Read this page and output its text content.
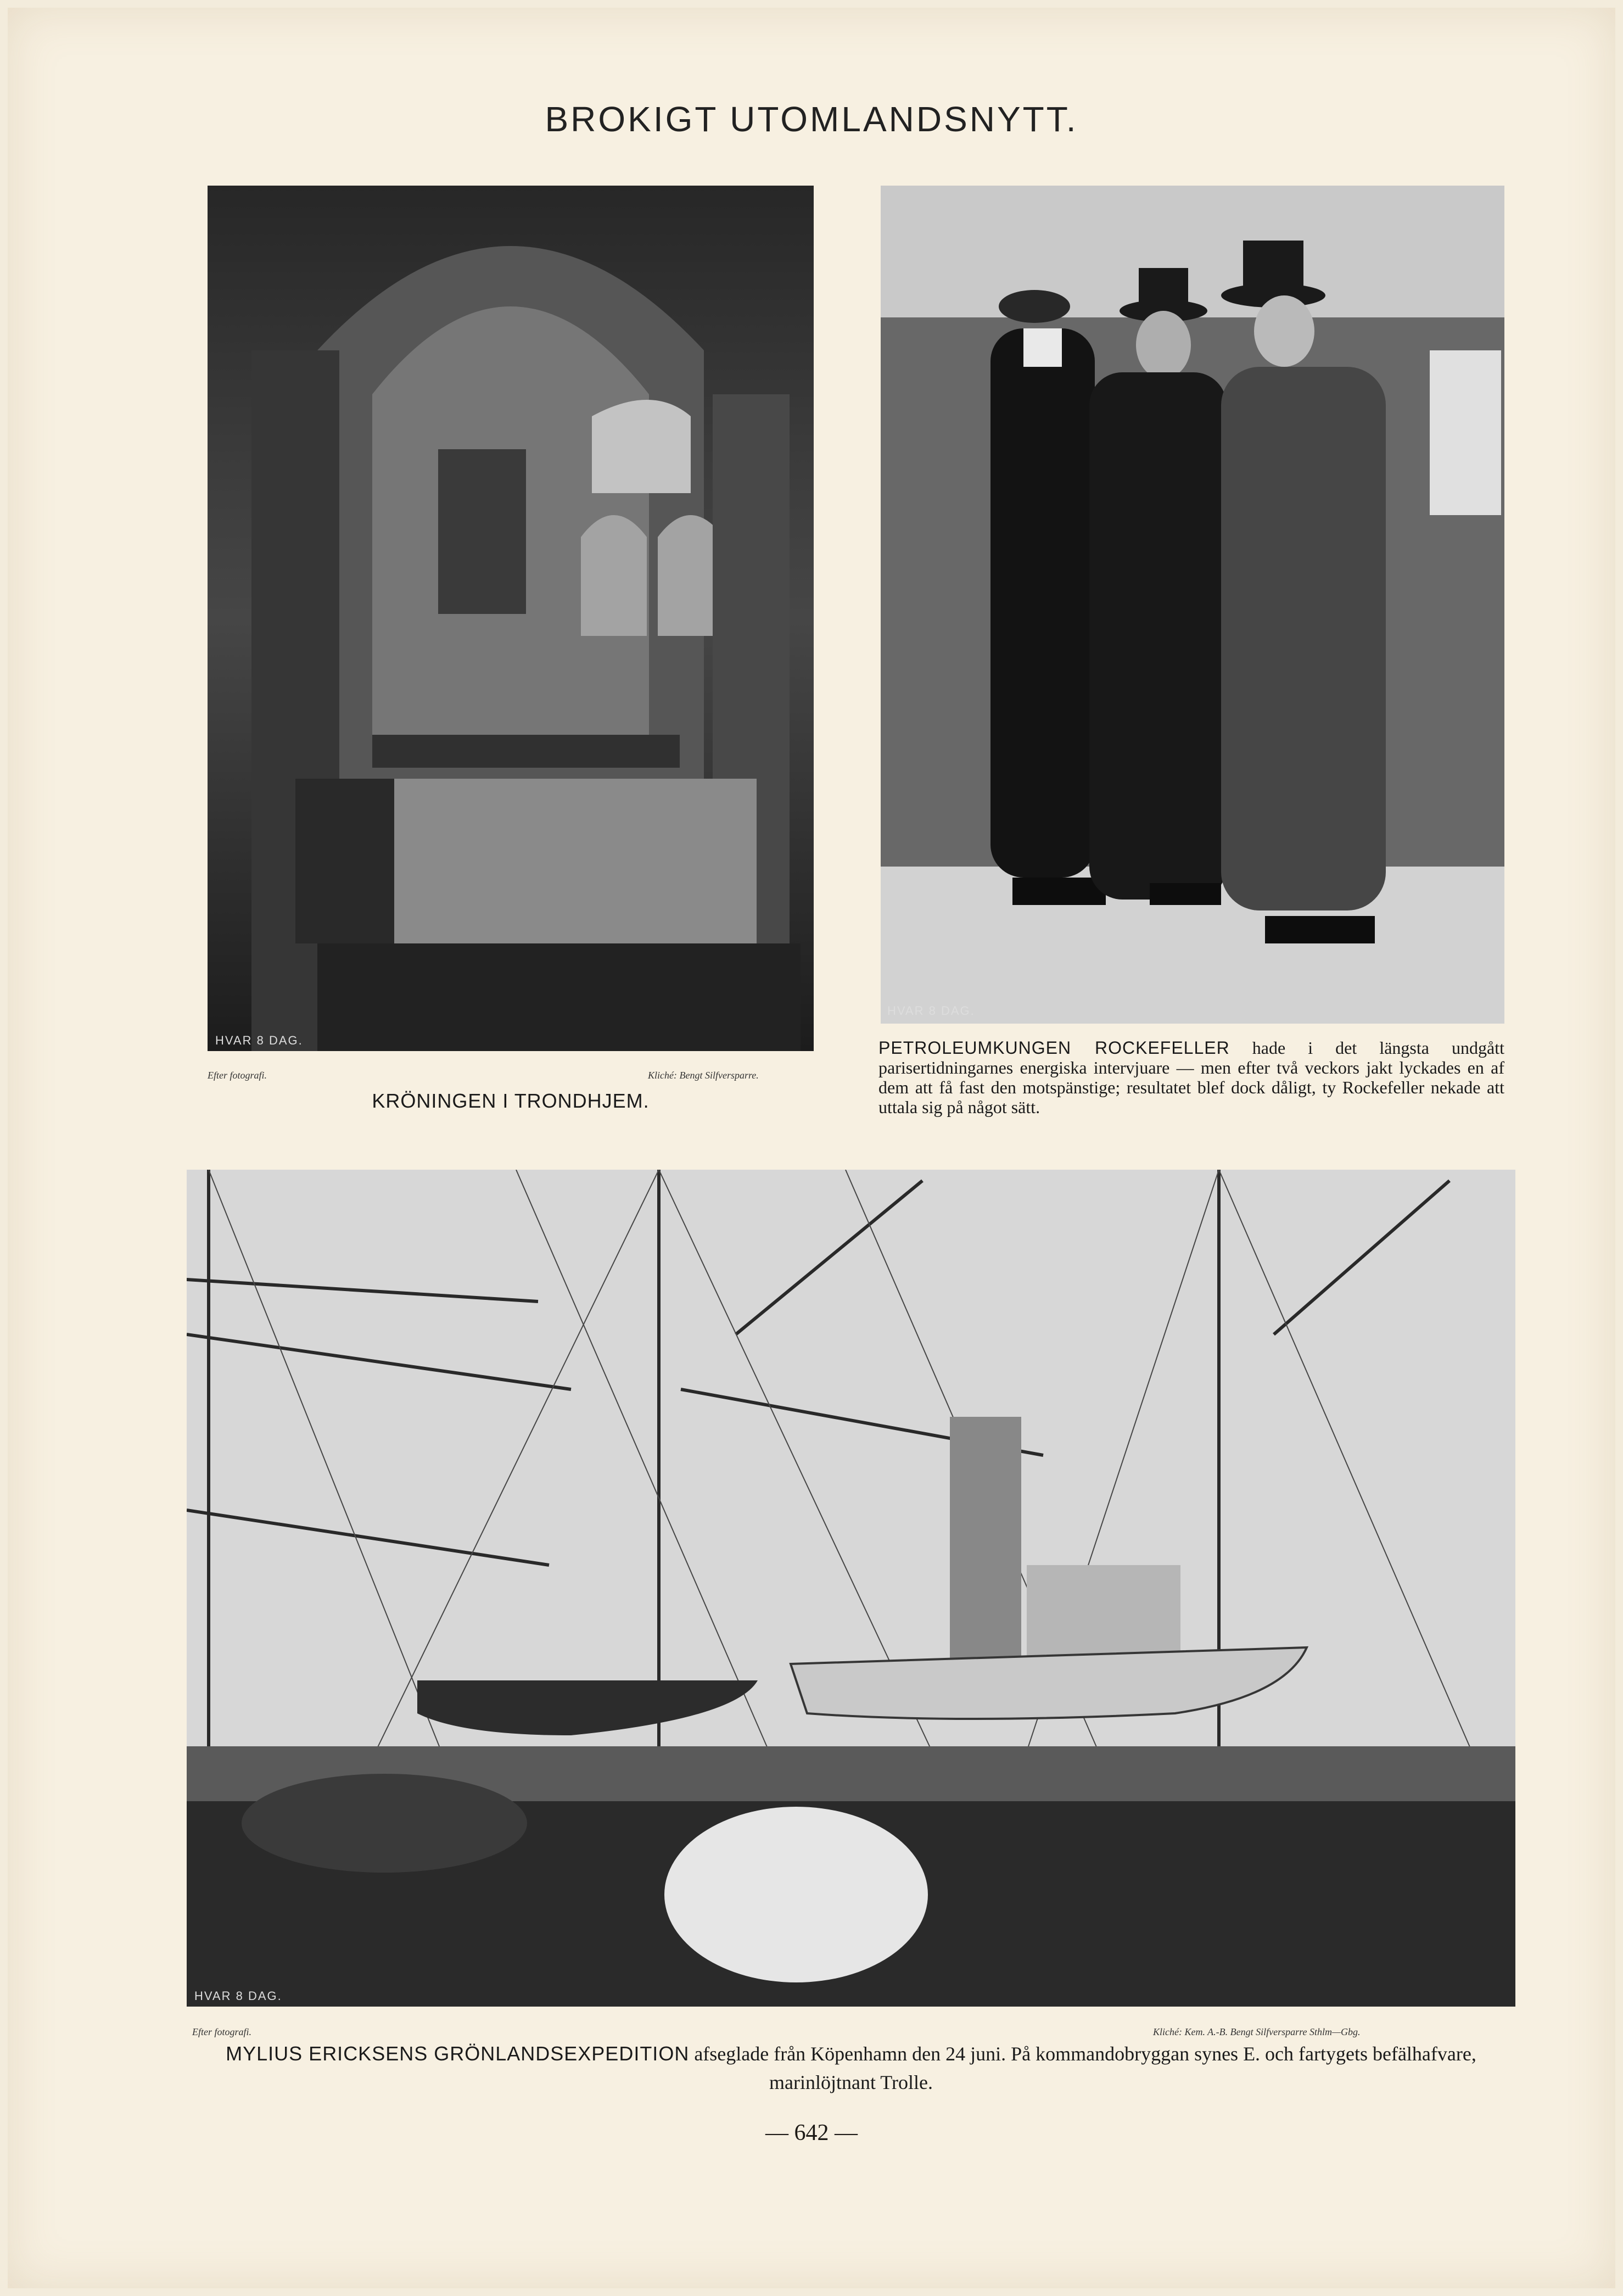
BROKIGT UTOMLANDSNYTT.
HVAR 8 DAG.
Efter fotografi.	Kliché: Bengt Silfversparre.
KRÖNINGEN I TRONDHJEM.
HVAR 8 DAG.
PETROLEUMKUNGEN ROCKEFELLER hade i det längsta undgått parisertidningarnes energiska intervjuare — men efter två veckors jakt lyckades en af dem att få fast den motspänstige; resultatet blef dock dåligt, ty Rockefeller nekade att uttala sig på något sätt.
HVAR 8 DAG.
Efter fotografi.	Kliché: Kem. A.-B. Bengt Silfversparre Sthlm—Gbg.
MYLIUS ERICKSENS GRÖNLANDSEXPEDITION afseglade från Köpenhamn den 24 juni. På kommandobryggan synes E. och fartygets befälhafvare, marinlöjtnant Trolle.
— 642 —
